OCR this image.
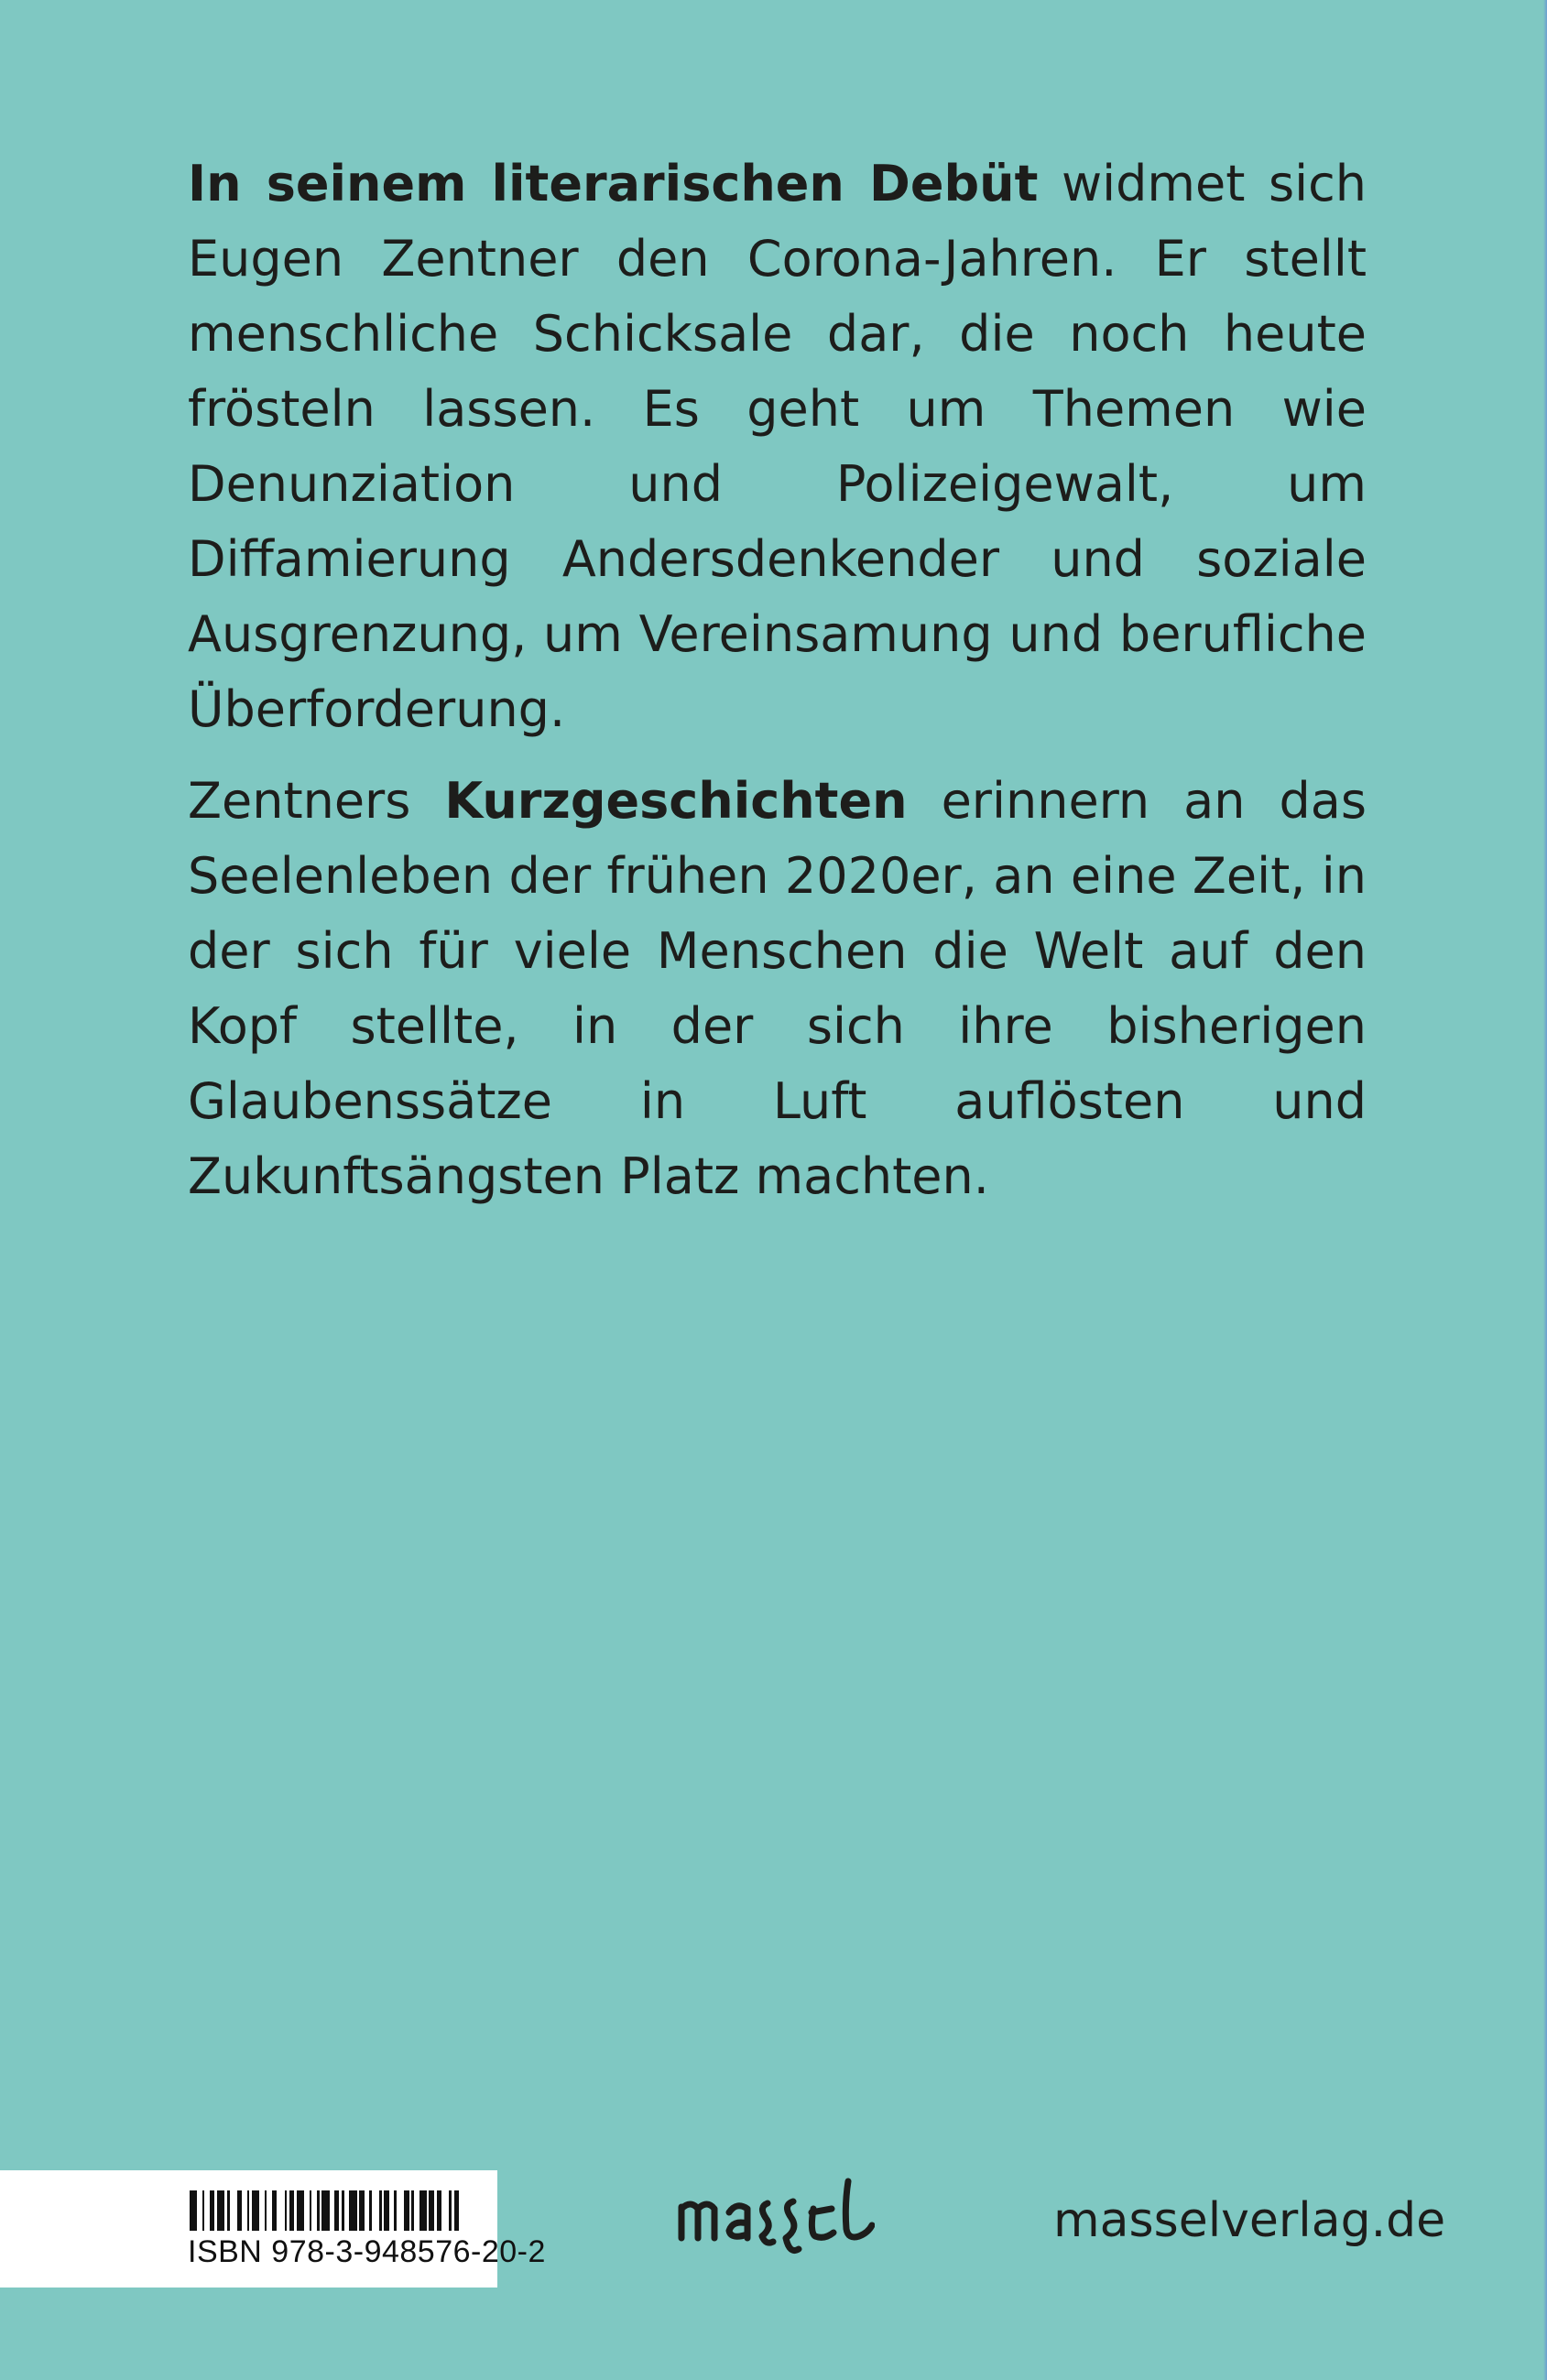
In seinem literarischen Debüt widmet sich Eugen Zentner den Corona-Jahren. Er stellt menschliche Schicksale dar, die noch heute frösteln lassen. Es geht um Themen wie Denunziation und Polizeigewalt, um Diffamierung Andersdenkender und soziale Ausgrenzung, um Vereinsamung und berufliche Überforderung.

Zentners Kurzgeschichten erinnern an das Seelenleben der frühen 2020er, an eine Zeit, in der sich für viele Menschen die Welt auf den Kopf stellte, in der sich ihre bisherigen Glaubenssätze in Luft auflösten und Zukunftsängsten Platz machten.

ISBN 978-3-948576-20-2
masselverlag.de
